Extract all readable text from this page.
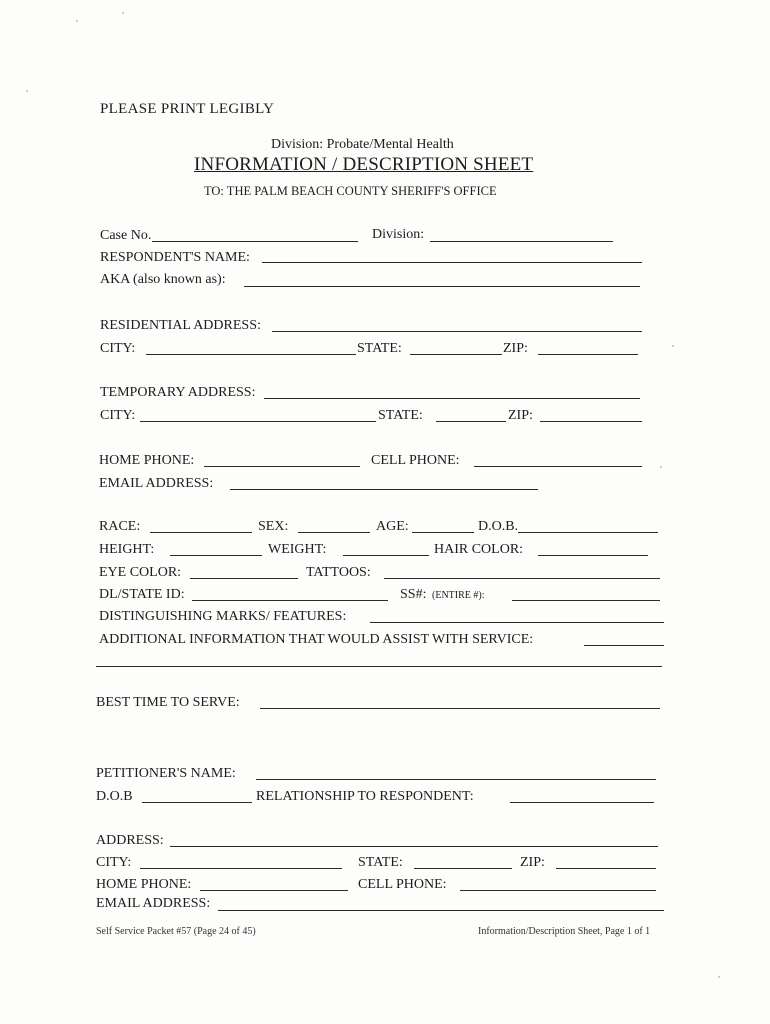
PLEASE PRINT LEGIBLY
Division: Probate/Mental Health
INFORMATION / DESCRIPTION SHEET
TO: THE PALM BEACH COUNTY SHERIFF'S OFFICE
Case No.	Division:
RESPONDENT'S NAME:
AKA (also known as):
RESIDENTIAL ADDRESS:
CITY:	STATE:	ZIP:
TEMPORARY ADDRESS:
CITY:	STATE:	ZIP:
HOME PHONE:	CELL PHONE:
EMAIL ADDRESS:
RACE:	SEX:	AGE:	D.O.B.
HEIGHT:	WEIGHT:	HAIR COLOR:
EYE COLOR:	TATTOOS:
DL/STATE ID:	SS#: (ENTIRE #):
DISTINGUISHING MARKS/ FEATURES:
ADDITIONAL INFORMATION THAT WOULD ASSIST WITH SERVICE:
BEST TIME TO SERVE:
PETITIONER'S NAME:
D.O.B	RELATIONSHIP TO RESPONDENT:
ADDRESS:
CITY:	STATE:	ZIP:
HOME PHONE:	CELL PHONE:
EMAIL ADDRESS:
Self Service Packet #57 (Page 24 of 45)	Information/Description Sheet, Page 1 of 1
